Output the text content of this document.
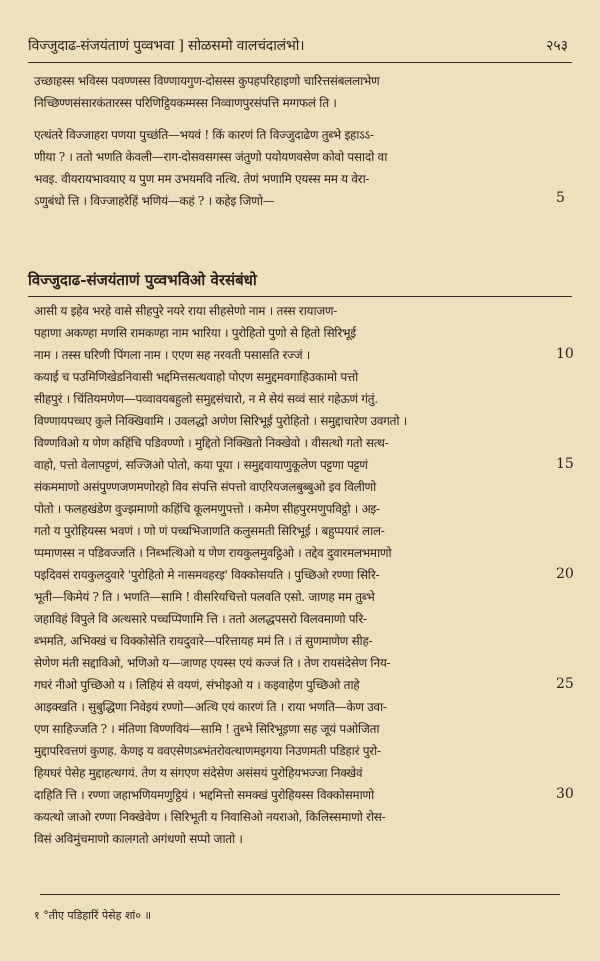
विज्जुदाढ-संजयंताणं पुव्वभवा ] सोळसमो वालचंदालंभो।	२५३
उच्छाहस्स भविस्स पवण्णस्स विण्णायगुण-दोसस्स कुपहपरिहाइणो चारित्तसंबललाभेण
निच्छिण्णसंसारकंतारस्स परिणिट्ठियकम्मस्स निव्वाणपुरसंपत्ति मग्गफलं ति ।
एत्थंतरे विज्जाहरा पणया पुच्छंति—भयवं ! किं कारणं ति विज्जुदाढेण तुब्भे इहाऽऽ-
णीया ? । ततो भणति केवली—राग-दोसवसगस्स जंतुणो पयोयणवसेण कोवो पसादो वा
भवइ. वीयरायभावयाए य पुण मम उभयमवि नत्थि. तेणं भणामि एयस्स मम य वेरा-
ऽणुबंधो त्ति । विज्जाहरेहिं भणियं—कहं ? । कहेइ जिणो—
विज्जुदाढ-संजयंताणं पुव्वभविओ वेरसंबंधो
आसी य इहेव भरहे वासे सीहपुरे नयरे राया सीहसेणो नाम । तस्स रायाजण-
पहाणा अकण्हा मणसि रामकण्हा नाम भारिया । पुरोहितो पुणो से हितो सिरिभूई
नाम । तस्स घरिणी पिंगला नाम । एएण सह नरवती पसासति रज्जं ।
कयाई च पउमिणिखेडनिवासी भद्दमित्तसत्थवाहो पोएण समुद्दमवगाहिउकामो पत्तो
सीहपुरं । चिंतियमणेण—पव्वावयबहुलो समुद्दसंचारो, न मे सेयं सव्वं सारं गहेऊणं गंतुं.
विण्णायपच्चए कुले निक्खिवामि । उवलद्धो अणेण सिरिभूई पुरोहितो । समुद्दाचारेण उवगतो ।
विण्णविओ य णेण कहिंचि पडिवण्णो । मुद्दितो निक्खितो निक्खेवो । वीसत्थो गतो सत्थ-
वाहो, पत्तो वेलापट्टणं, सज्जिओ पोतो, कया पूया । समुद्दवायाणुकूलेण पट्टणा पट्टणं
संकममाणो असंपुण्णजणमणोरहो विव संपत्ति संपत्तो वाएरियजलबुब्बुओ इव विलीणो
पोतो । फलहखंडेण वुज्झमाणो कहिंचि कूलमणुपत्तो । कमेण सीहपुरमणुपविट्ठो । अइ-
गतो य पुरोहियस्स भवणं । णो णं पच्चभिजाणति कलुसमती सिरिभूई । बहुप्पयारं लाल-
प्पमाणस्स न पडिवज्जति । निब्भत्थिओ य णेण रायकुलमुवट्ठिओ । तद्देव दुवारमलभमाणो
पइदिवसं रायकुलदुवारे 'पुरोहितो मे नासमवहरइ' विक्कोसयति । पुच्छिओ रण्णा सिरि-
भूती—किमेयं ? ति । भणति—सामि ! वीसरियचित्तो पलवति एसो. जाणह मम तुब्भे
जहाविहं विपुले वि अत्थसारे पच्चप्पिणामि त्ति । ततो अलद्धपसरो विलवमाणो परि-
ब्भमति, अभिक्खं च विक्कोसेति रायदुवारे—परित्तायह ममं ति । तं सुणमाणेण सीह-
सेणेण मंती सद्दाविओ, भणिओ य—जाणह एयस्स एयं कज्जं ति । तेण रायसंदेसेण निय-
गघरं नीओ पुच्छिओ य । लिहियं से वयणं, संभोइओ य । कइवाहेण पुच्छिओ ताहे
आइक्खति । सुबुद्धिणा निवेइयं रण्णो—अत्थि एयं कारणं ति । राया भणति—केण उवा-
एण साहिज्जति ? । मंतिणा विण्णवियं—सामि ! तुब्भे सिरिभूइणा सह जूयं पओजिता
मुद्दापरिवत्तणं कुणह. केणइ य ववएसेणऽब्भंतरोवत्थाणमइगया निउणमती पडिहारं पुरो-
हियघरं पेसेह मुद्दाहत्थगयं. तेण य संगएण संदेसेण असंसयं पुरोहियभज्जा निक्खेवं
दाहिति त्ति । रण्णा जहाभणियमणुट्ठियं । भद्दमित्तो समक्खं पुरोहियस्स विक्कोसमाणो
कयत्थो जाओ रण्णा निक्खेवेण । सिरिभूती य निवासिओ नयराओ, किलिस्समाणो रोस-
विसं अविमुंचमाणो कालगतो अगंधणो सप्पो जातो ।
5
10
15
20
25
30
१ °तीए पडिहारिं पेसेह शां० ॥
